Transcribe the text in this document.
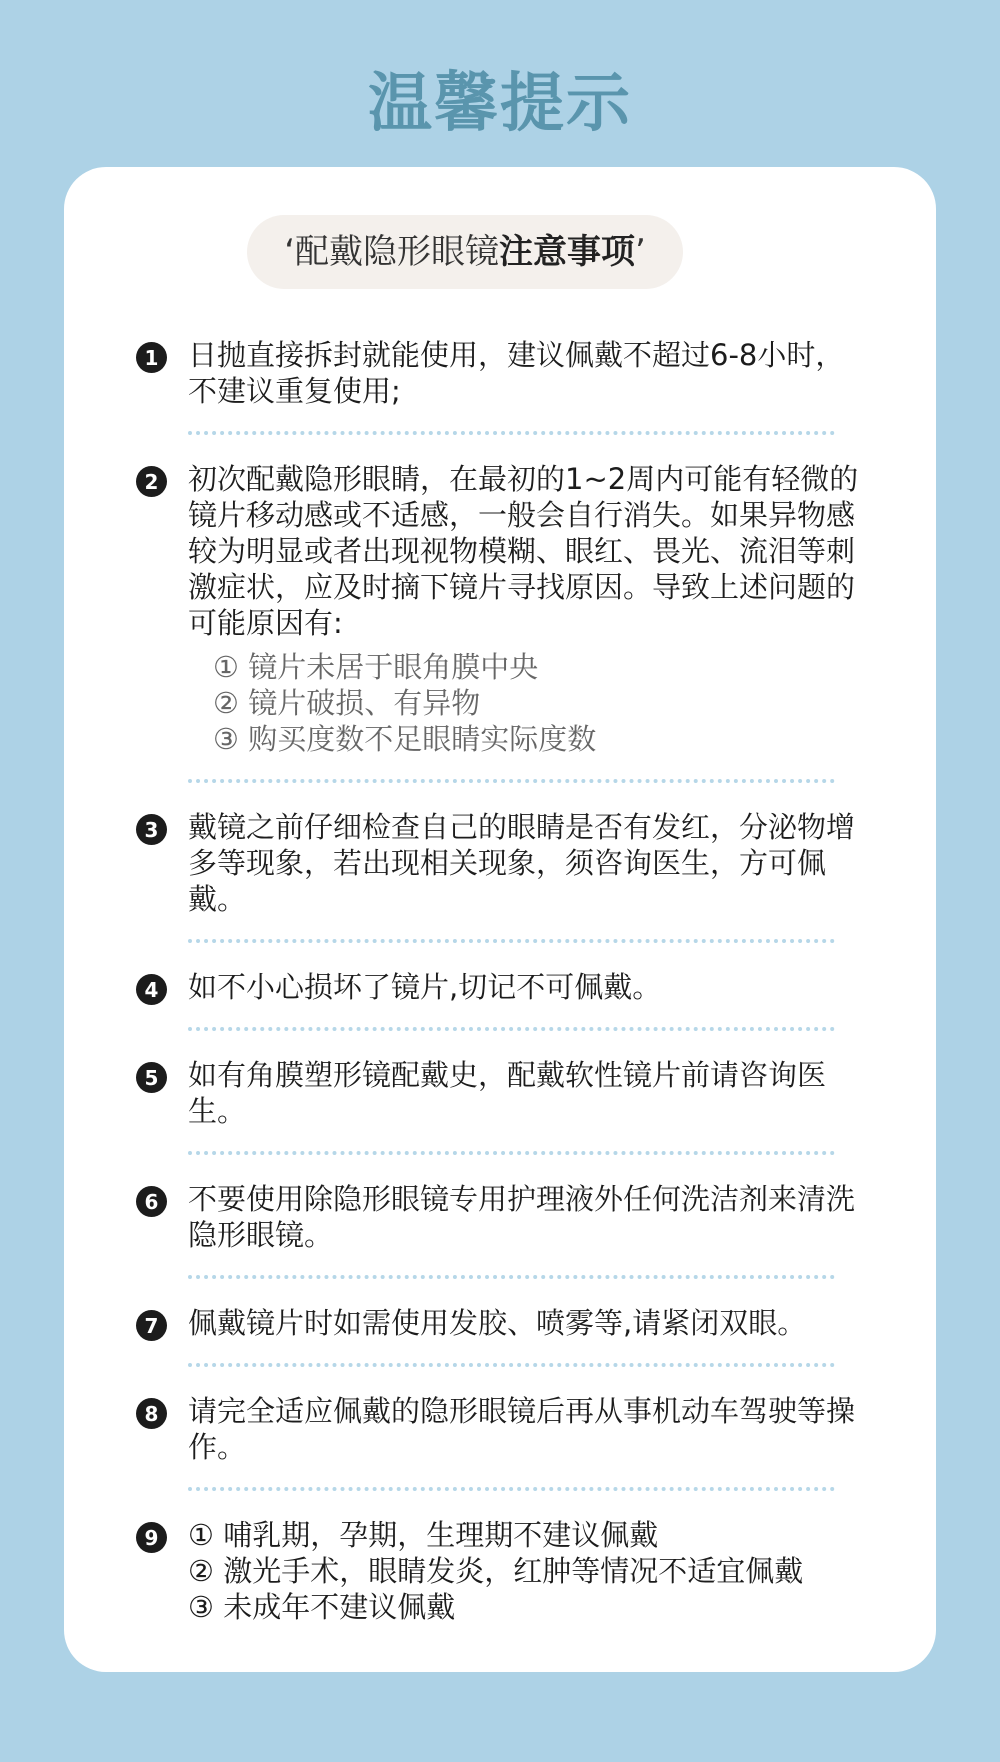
温馨提示
‘配戴隐形眼镜注意事项’
1 日抛直接拆封就能使用，建议佩戴不超过6-8小时，不建议重复使用;
2 初次配戴隐形眼睛，在最初的1~2周内可能有轻微的镜片移动感或不适感，一般会自行消失。如果异物感较为明显或者出现视物模糊、眼红、畏光、流泪等刺激症状，应及时摘下镜片寻找原因。导致上述问题的可能原因有:
① 镜片未居于眼角膜中央
② 镜片破损、有异物
③ 购买度数不足眼睛实际度数
3 戴镜之前仔细检查自己的眼睛是否有发红，分泌物增多等现象，若出现相关现象，须咨询医生，方可佩戴。
4 如不小心损坏了镜片,切记不可佩戴。
5 如有角膜塑形镜配戴史，配戴软性镜片前请咨询医生。
6 不要使用除隐形眼镜专用护理液外任何洗洁剂来清洗隐形眼镜。
7 佩戴镜片时如需使用发胶、喷雾等,请紧闭双眼。
8 请完全适应佩戴的隐形眼镜后再从事机动车驾驶等操作。
9 ① 哺乳期，孕期，生理期不建议佩戴
② 激光手术，眼睛发炎，红肿等情况不适宜佩戴
③ 未成年不建议佩戴
